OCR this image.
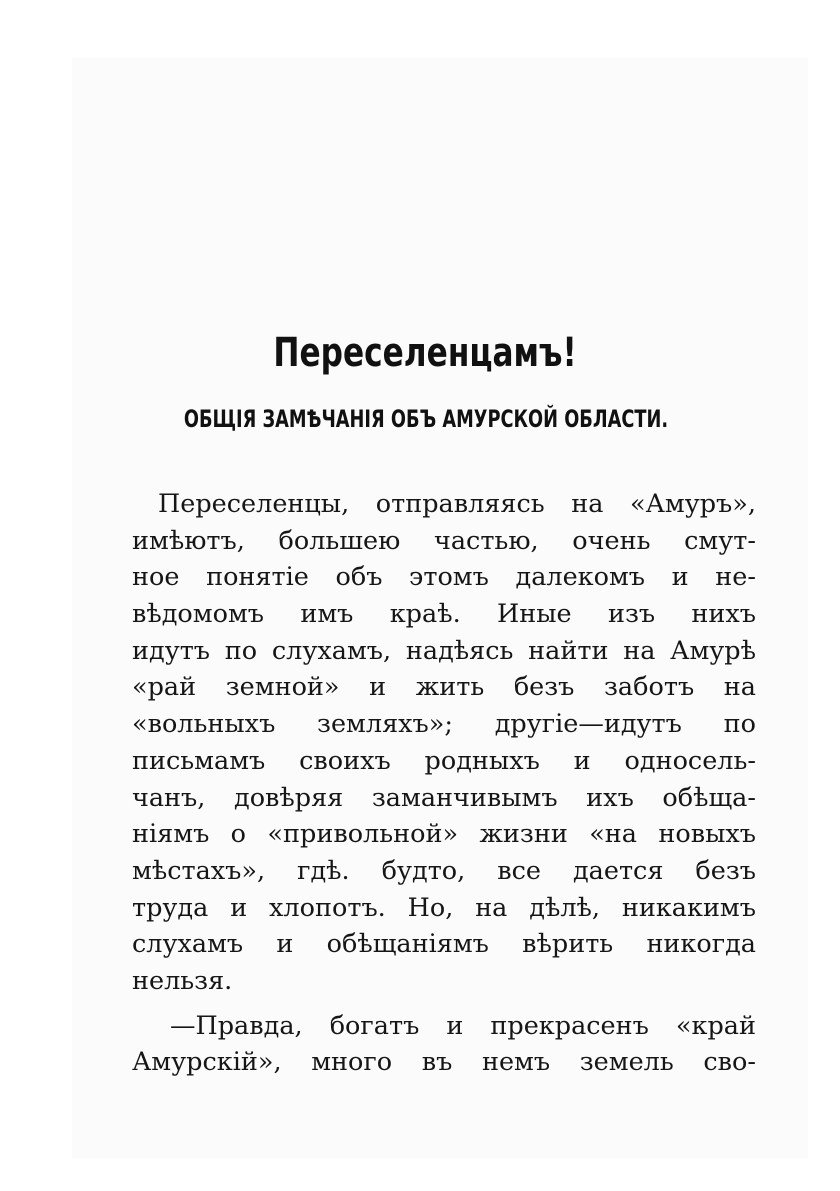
Переселенцамъ!
ОБЩІЯ ЗАМѢЧАНІЯ ОБЪ АМУРСКОЙ ОБЛАСТИ.
Переселенцы, отправляясь на «Амуръ»,
имѣютъ, большею частью, очень смут-
ное понятіе объ этомъ далекомъ и не-
вѣдомомъ имъ краѣ. Иные изъ нихъ
идутъ по слухамъ, надѣясь найти на Амурѣ
«рай земной» и жить безъ заботъ на
«вольныхъ земляхъ»; другіе—идутъ по
письмамъ своихъ родныхъ и односель-
чанъ, довѣряя заманчивымъ ихъ обѣща-
ніямъ о «привольной» жизни «на новыхъ
мѣстахъ», гдѣ. будто, все дается безъ
труда и хлопотъ. Но, на дѣлѣ, никакимъ
слухамъ и обѣщаніямъ вѣрить никогда
нельзя.
—Правда, богатъ и прекрасенъ «край
Амурскій», много въ немъ земель сво-
